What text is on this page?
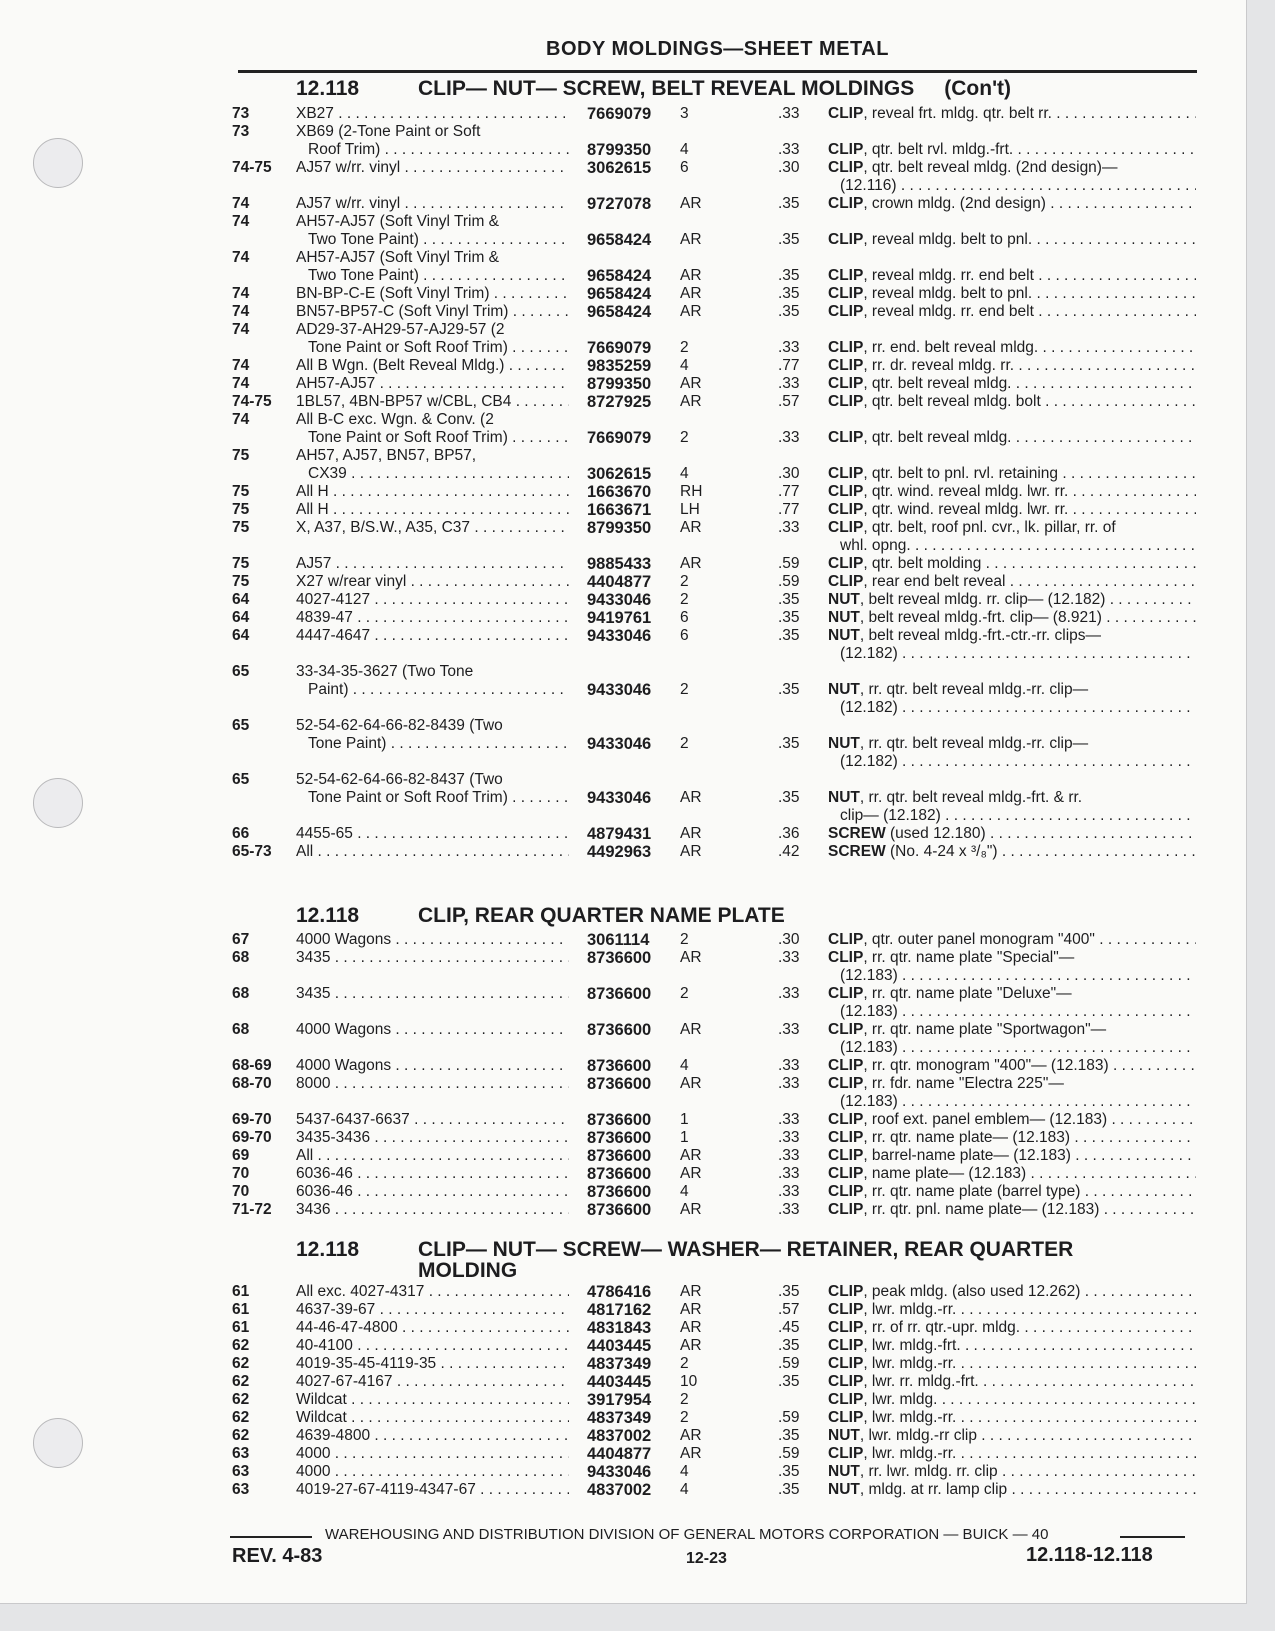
BODY MOLDINGS—SHEET METAL
12.118	CLIP— NUT— SCREW, BELT REVEAL MOLDINGS (Con't)
73	XB27 . . .	7669079 3	.33 CLIP, reveal frt. mldg. qtr. belt rr. . . .
73	XB69 (2-Tone Paint or Soft
Roof Trim) . . .	8799350 4	.33 CLIP, qtr. belt rvl. mldg.-frt. . . .
74-75 AJ57 w/rr. vinyl . . .	3062615 6	.30 CLIP, qtr. belt reveal mldg. (2nd design)—
(12.116) . . .
74	AJ57 w/rr. vinyl . . .	9727078 AR	.35 CLIP, crown mldg. (2nd design) . . .
74	AH57-AJ57 (Soft Vinyl Trim &
Two Tone Paint) . . .	9658424 AR	.35 CLIP, reveal mldg. belt to pnl. . . .
74	AH57-AJ57 (Soft Vinyl Trim &
Two Tone Paint) . . .	9658424 AR	.35 CLIP, reveal mldg. rr. end belt . . .
74	BN-BP-C-E (Soft Vinyl Trim) . . .	9658424 AR	.35 CLIP, reveal mldg. belt to pnl. . . .
74	BN57-BP57-C (Soft Vinyl Trim) . . .	9658424 AR	.35 CLIP, reveal mldg. rr. end belt . . .
74	AD29-37-AH29-57-AJ29-57 (2
Tone Paint or Soft Roof Trim) . . .	7669079 2	.33 CLIP, rr. end. belt reveal mldg. . . .
74	All B Wgn. (Belt Reveal Mldg.) . . .	9835259 4	.77 CLIP, rr. dr. reveal mldg. rr. . . .
74	AH57-AJ57 . . .	8799350 AR	.33 CLIP, qtr. belt reveal mldg. . . .
74-75 1BL57, 4BN-BP57 w/CBL, CB4 . . .	8727925 AR	.57 CLIP, qtr. belt reveal mldg. bolt . . .
74	All B-C exc. Wgn. & Conv. (2
Tone Paint or Soft Roof Trim) . . .	7669079 2	.33 CLIP, qtr. belt reveal mldg. . . .
75	AH57, AJ57, BN57, BP57,
CX39 . . .	3062615 4	.30 CLIP, qtr. belt to pnl. rvl. retaining . . .
75	All H . . .	1663670 RH	.77 CLIP, qtr. wind. reveal mldg. lwr. rr. . . .
75	All H . . .	1663671 LH	.77 CLIP, qtr. wind. reveal mldg. lwr. rr. . . .
75	X, A37, B/S.W., A35, C37 . . .	8799350 AR	.33 CLIP, qtr. belt, roof pnl. cvr., lk. pillar, rr. of
whl. opng. . . .
75	AJ57 . . .	9885433 AR	.59 CLIP, qtr. belt molding . . .
75	X27 w/rear vinyl . . .	4404877 2	.59 CLIP, rear end belt reveal . . .
64	4027-4127 . . .	9433046 2	.35 NUT, belt reveal mldg. rr. clip— (12.182) . . .
64	4839-47 . . .	9419761 6	.35 NUT, belt reveal mldg.-frt. clip— (8.921) . . .
64	4447-4647 . . .	9433046 6	.35 NUT, belt reveal mldg.-frt.-ctr.-rr. clips—
(12.182) . . .
65	33-34-35-3627 (Two Tone
Paint) . . .	9433046 2	.35 NUT, rr. qtr. belt reveal mldg.-rr. clip—
(12.182) . . .
65	52-54-62-64-66-82-8439 (Two
Tone Paint) . . .	9433046 2	.35 NUT, rr. qtr. belt reveal mldg.-rr. clip—
(12.182) . . .
65	52-54-62-64-66-82-8437 (Two
Tone Paint or Soft Roof Trim) . . .	9433046 AR	.35 NUT, rr. qtr. belt reveal mldg.-frt. & rr.
clip— (12.182) . . .
66	4455-65 . . .	4879431 AR	.36 SCREW (used 12.180) . . .
65-73 All . . .	4492963 AR	.42 SCREW (No. 4-24 x ³/₈") . . .
12.118	CLIP, REAR QUARTER NAME PLATE
67	4000 Wagons . . .	3061114 2	.30 CLIP, qtr. outer panel monogram "400" . . .
68	3435 . . .	8736600 AR	.33 CLIP, rr. qtr. name plate "Special"—
(12.183) . . .
68	3435 . . .	8736600 2	.33 CLIP, rr. qtr. name plate "Deluxe"—
(12.183) . . .
68	4000 Wagons . . .	8736600 AR	.33 CLIP, rr. qtr. name plate "Sportwagon"—
(12.183) . . .
68-69 4000 Wagons . . .	8736600 4	.33 CLIP, rr. qtr. monogram "400"— (12.183) . . . .
68-70 8000 . . .	8736600 AR	.33 CLIP, rr. fdr. name "Electra 225"—
(12.183) . . .
69-70 5437-6437-6637 . . .	8736600 1	.33 CLIP, roof ext. panel emblem— (12.183) . . .
69-70 3435-3436 . . .	8736600 1	.33 CLIP, rr. qtr. name plate— (12.183) . . .
69	All . . .	8736600 AR	.33 CLIP, barrel-name plate— (12.183) . . .
70	6036-46 . . .	8736600 AR	.33 CLIP, name plate— (12.183) . . .
70	6036-46 . . .	8736600 4	.33 CLIP, rr. qtr. name plate (barrel type) . . .
71-72 3436 . . .	8736600 AR	.33 CLIP, rr. qtr. pnl. name plate— (12.183) . . .
12.118	CLIP— NUT— SCREW— WASHER— RETAINER, REAR QUARTER
MOLDING
61	All exc. 4027-4317 . . .	4786416 AR	.35 CLIP, peak mldg. (also used 12.262) . . .
61	4637-39-67 . . .	4817162 AR	.57 CLIP, lwr. mldg.-rr. . . .
61	44-46-47-4800 . . .	4831843 AR	.45 CLIP, rr. of rr. qtr.-upr. mldg. . . .
62	40-4100 . . .	4403445 AR	.35 CLIP, lwr. mldg.-frt. . . .
62	4019-35-45-4119-35 . . .	4837349 2	.59 CLIP, lwr. mldg.-rr. . . .
62	4027-67-4167 . . .	4403445 10	.35 CLIP, lwr. rr. mldg.-frt. . . .
62	Wildcat . . .	3917954 2	CLIP, lwr. mldg. . . .
62	Wildcat . . .	4837349 2	.59 CLIP, lwr. mldg.-rr. . . .
62	4639-4800 . . .	4837002 AR	.35 NUT, lwr. mldg.-rr clip . . .
63	4000 . . .	4404877 AR	.59 CLIP, lwr. mldg.-rr. . . .
63	4000 . . .	9433046 4	.35 NUT, rr. lwr. mldg. rr. clip . . .
63	4019-27-67-4119-4347-67 . . .	4837002 4	.35 NUT, mldg. at rr. lamp clip . . .
WAREHOUSING AND DISTRIBUTION DIVISION OF GENERAL MOTORS CORPORATION — BUICK — 40
REV. 4-83	12-23	12.118-12.118
